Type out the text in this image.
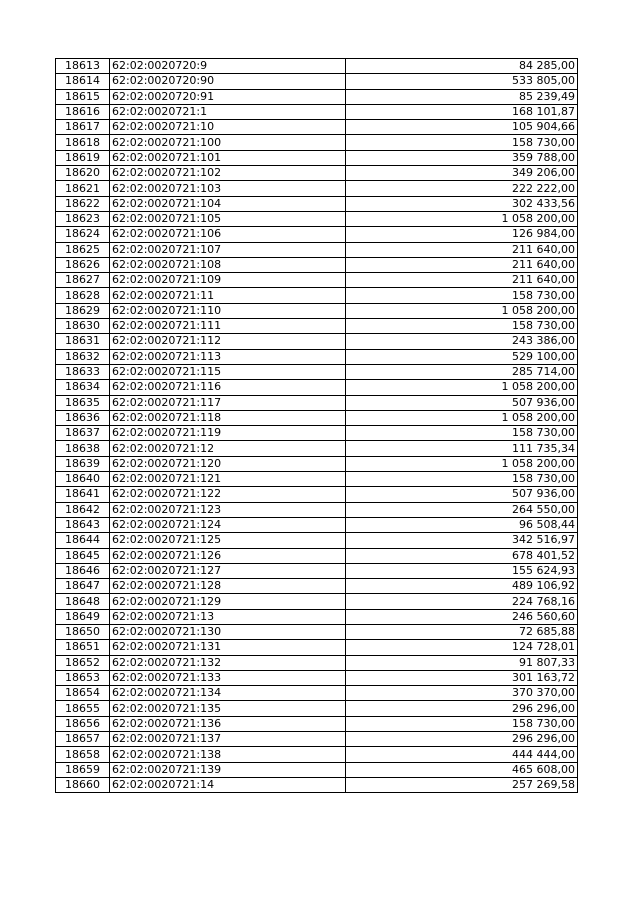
18613	62:02:0020720:9	84 285,00
18614	62:02:0020720:90	533 805,00
18615	62:02:0020720:91	85 239,49
18616	62:02:0020721:1	168 101,87
18617	62:02:0020721:10	105 904,66
18618	62:02:0020721:100	158 730,00
18619	62:02:0020721:101	359 788,00
18620	62:02:0020721:102	349 206,00
18621	62:02:0020721:103	222 222,00
18622	62:02:0020721:104	302 433,56
18623	62:02:0020721:105	1 058 200,00
18624	62:02:0020721:106	126 984,00
18625	62:02:0020721:107	211 640,00
18626	62:02:0020721:108	211 640,00
18627	62:02:0020721:109	211 640,00
18628	62:02:0020721:11	158 730,00
18629	62:02:0020721:110	1 058 200,00
18630	62:02:0020721:111	158 730,00
18631	62:02:0020721:112	243 386,00
18632	62:02:0020721:113	529 100,00
18633	62:02:0020721:115	285 714,00
18634	62:02:0020721:116	1 058 200,00
18635	62:02:0020721:117	507 936,00
18636	62:02:0020721:118	1 058 200,00
18637	62:02:0020721:119	158 730,00
18638	62:02:0020721:12	111 735,34
18639	62:02:0020721:120	1 058 200,00
18640	62:02:0020721:121	158 730,00
18641	62:02:0020721:122	507 936,00
18642	62:02:0020721:123	264 550,00
18643	62:02:0020721:124	96 508,44
18644	62:02:0020721:125	342 516,97
18645	62:02:0020721:126	678 401,52
18646	62:02:0020721:127	155 624,93
18647	62:02:0020721:128	489 106,92
18648	62:02:0020721:129	224 768,16
18649	62:02:0020721:13	246 560,60
18650	62:02:0020721:130	72 685,88
18651	62:02:0020721:131	124 728,01
18652	62:02:0020721:132	91 807,33
18653	62:02:0020721:133	301 163,72
18654	62:02:0020721:134	370 370,00
18655	62:02:0020721:135	296 296,00
18656	62:02:0020721:136	158 730,00
18657	62:02:0020721:137	296 296,00
18658	62:02:0020721:138	444 444,00
18659	62:02:0020721:139	465 608,00
18660	62:02:0020721:14	257 269,58
